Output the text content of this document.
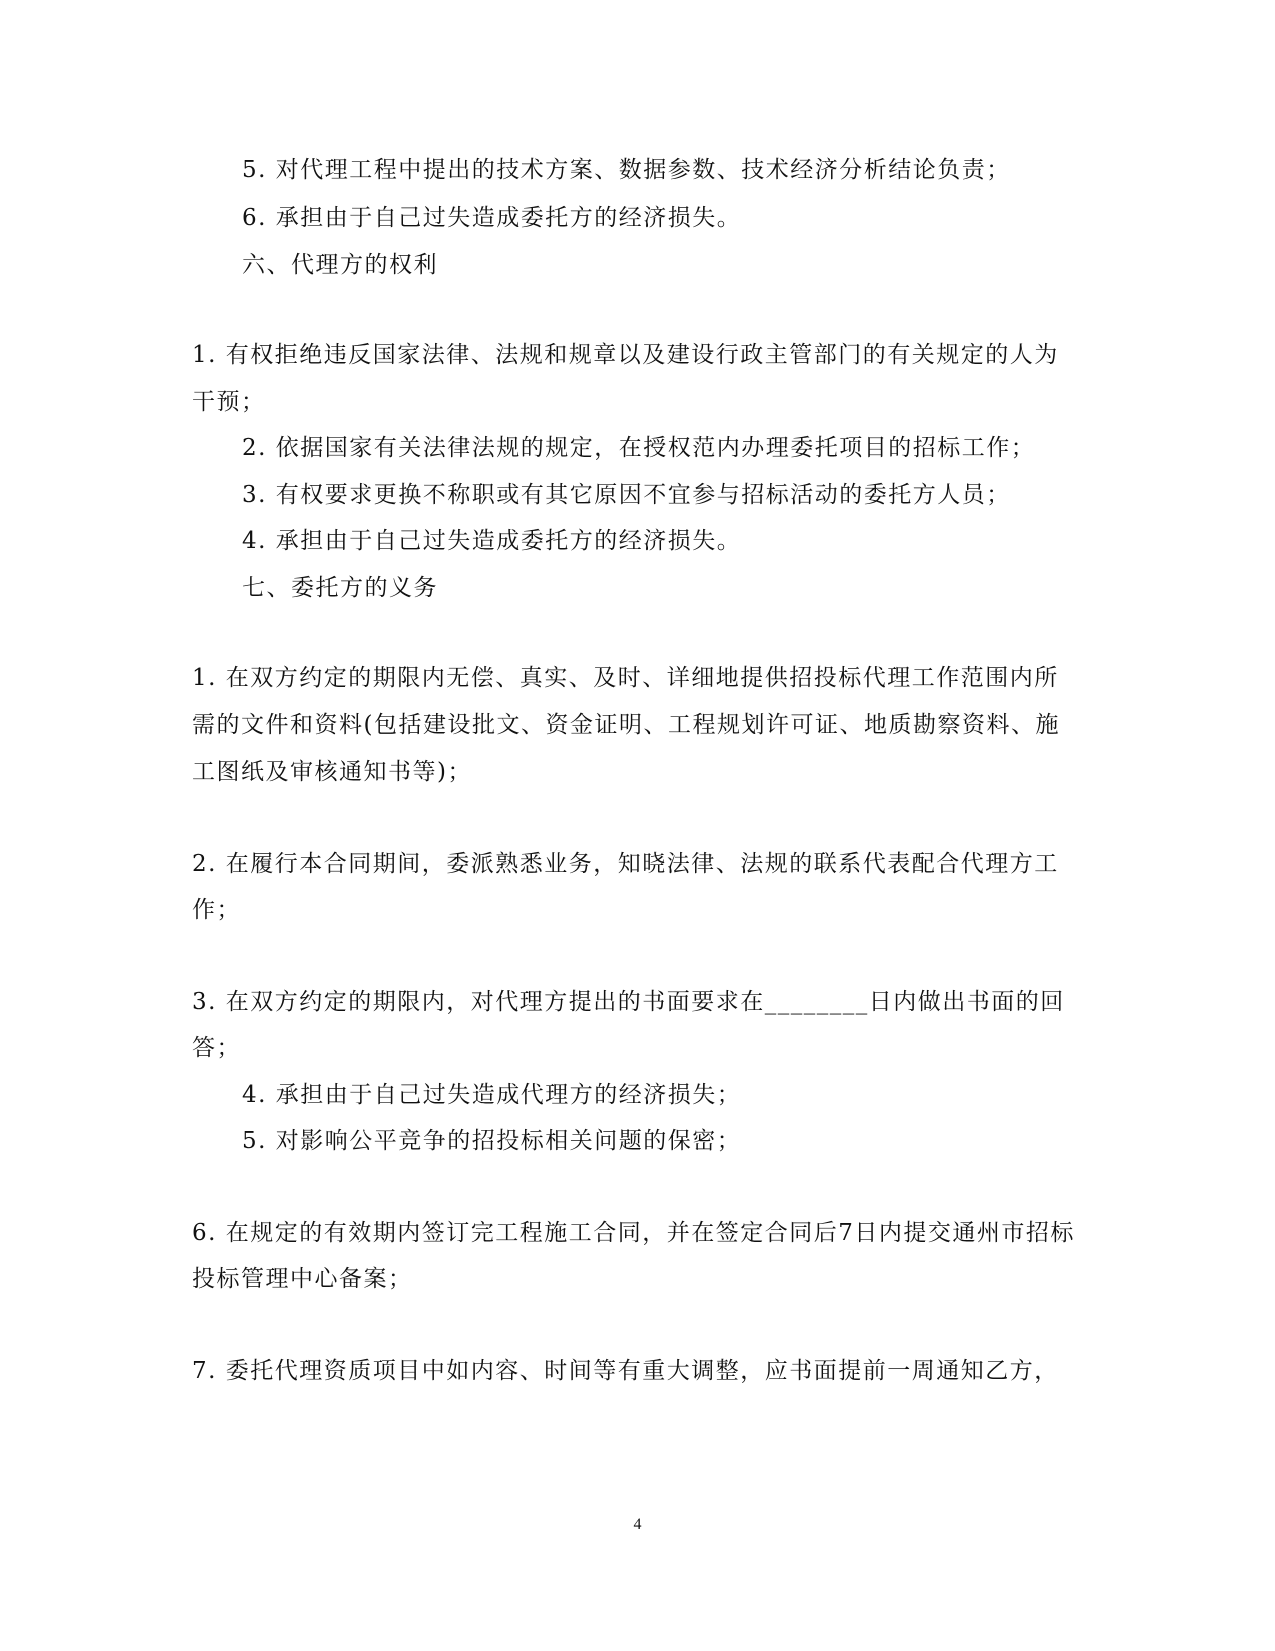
5. 对代理工程中提出的技术方案、数据参数、技术经济分析结论负责；
6. 承担由于自己过失造成委托方的经济损失。
六、代理方的权利
1. 有权拒绝违反国家法律、法规和规章以及建设行政主管部门的有关规定的人为
干预；
2. 依据国家有关法律法规的规定，在授权范内办理委托项目的招标工作；
3. 有权要求更换不称职或有其它原因不宜参与招标活动的委托方人员；
4. 承担由于自己过失造成委托方的经济损失。
七、委托方的义务
1. 在双方约定的期限内无偿、真实、及时、详细地提供招投标代理工作范围内所
需的文件和资料(包括建设批文、资金证明、工程规划许可证、地质勘察资料、施
工图纸及审核通知书等)；
2. 在履行本合同期间，委派熟悉业务，知晓法律、法规的联系代表配合代理方工
作；
3. 在双方约定的期限内，对代理方提出的书面要求在________日内做出书面的回
答；
4. 承担由于自己过失造成代理方的经济损失；
5. 对影响公平竞争的招投标相关问题的保密；
6. 在规定的有效期内签订完工程施工合同，并在签定合同后7日内提交通州市招标
投标管理中心备案；
7. 委托代理资质项目中如内容、时间等有重大调整，应书面提前一周通知乙方，
4
